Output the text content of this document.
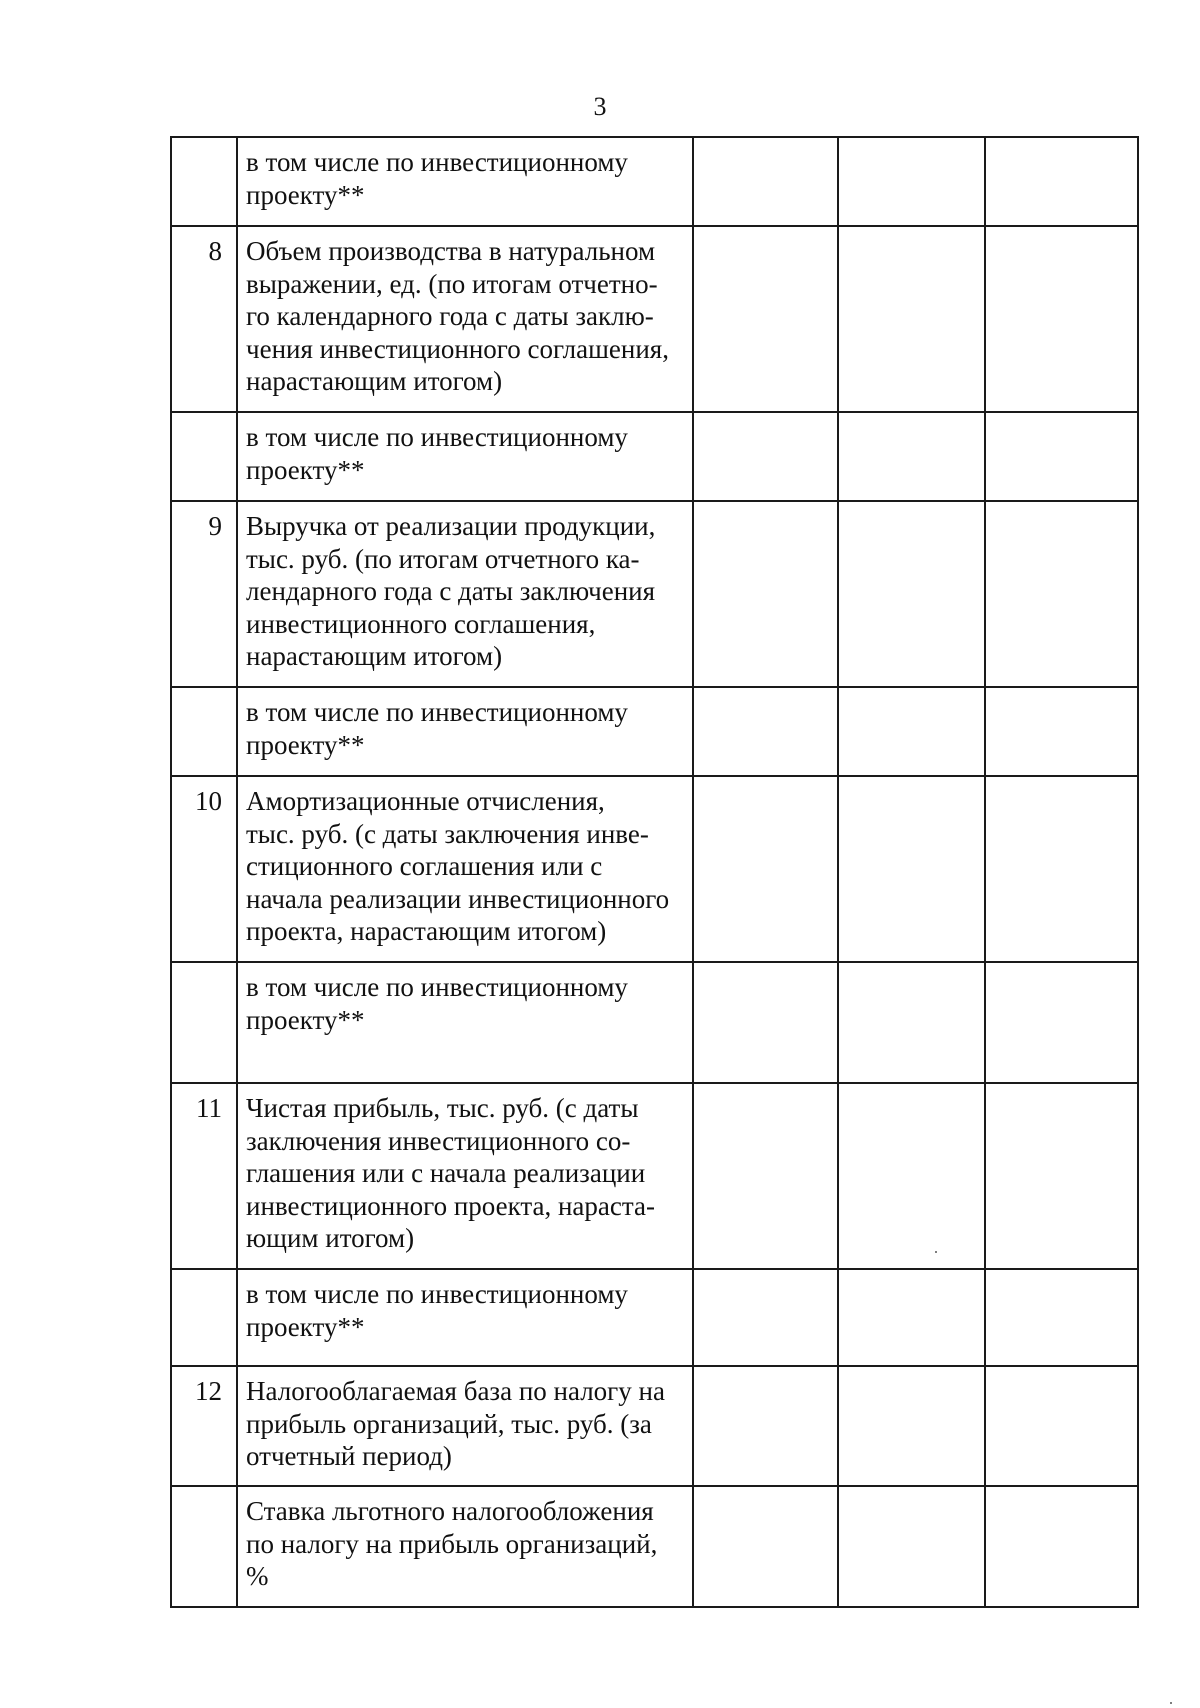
3
	в том числе по инвестиционному
проекту**			
8	Объем производства в натуральном
выражении, ед. (по итогам отчетно-
го календарного года с даты заклю-
чения инвестиционного соглашения,
нарастающим итогом)			
	в том числе по инвестиционному
проекту**			
9	Выручка от реализации продукции,
тыс. руб. (по итогам отчетного ка-
лендарного года с даты заключения
инвестиционного соглашения,
нарастающим итогом)			
	в том числе по инвестиционному
проекту**			
10	Амортизационные отчисления,
тыс. руб. (с даты заключения инве-
стиционного соглашения или с
начала реализации инвестиционного
проекта, нарастающим итогом)			
	в том числе по инвестиционному
проекту**			
11	Чистая прибыль, тыс. руб. (с даты
заключения инвестиционного со-
глашения или с начала реализации
инвестиционного проекта, нараста-
ющим итогом)			
	в том числе по инвестиционному
проекту**			
12	Налогооблагаемая база по налогу на
прибыль организаций, тыс. руб. (за
отчетный период)			
	Ставка льготного налогообложения
по налогу на прибыль организаций,
%			
